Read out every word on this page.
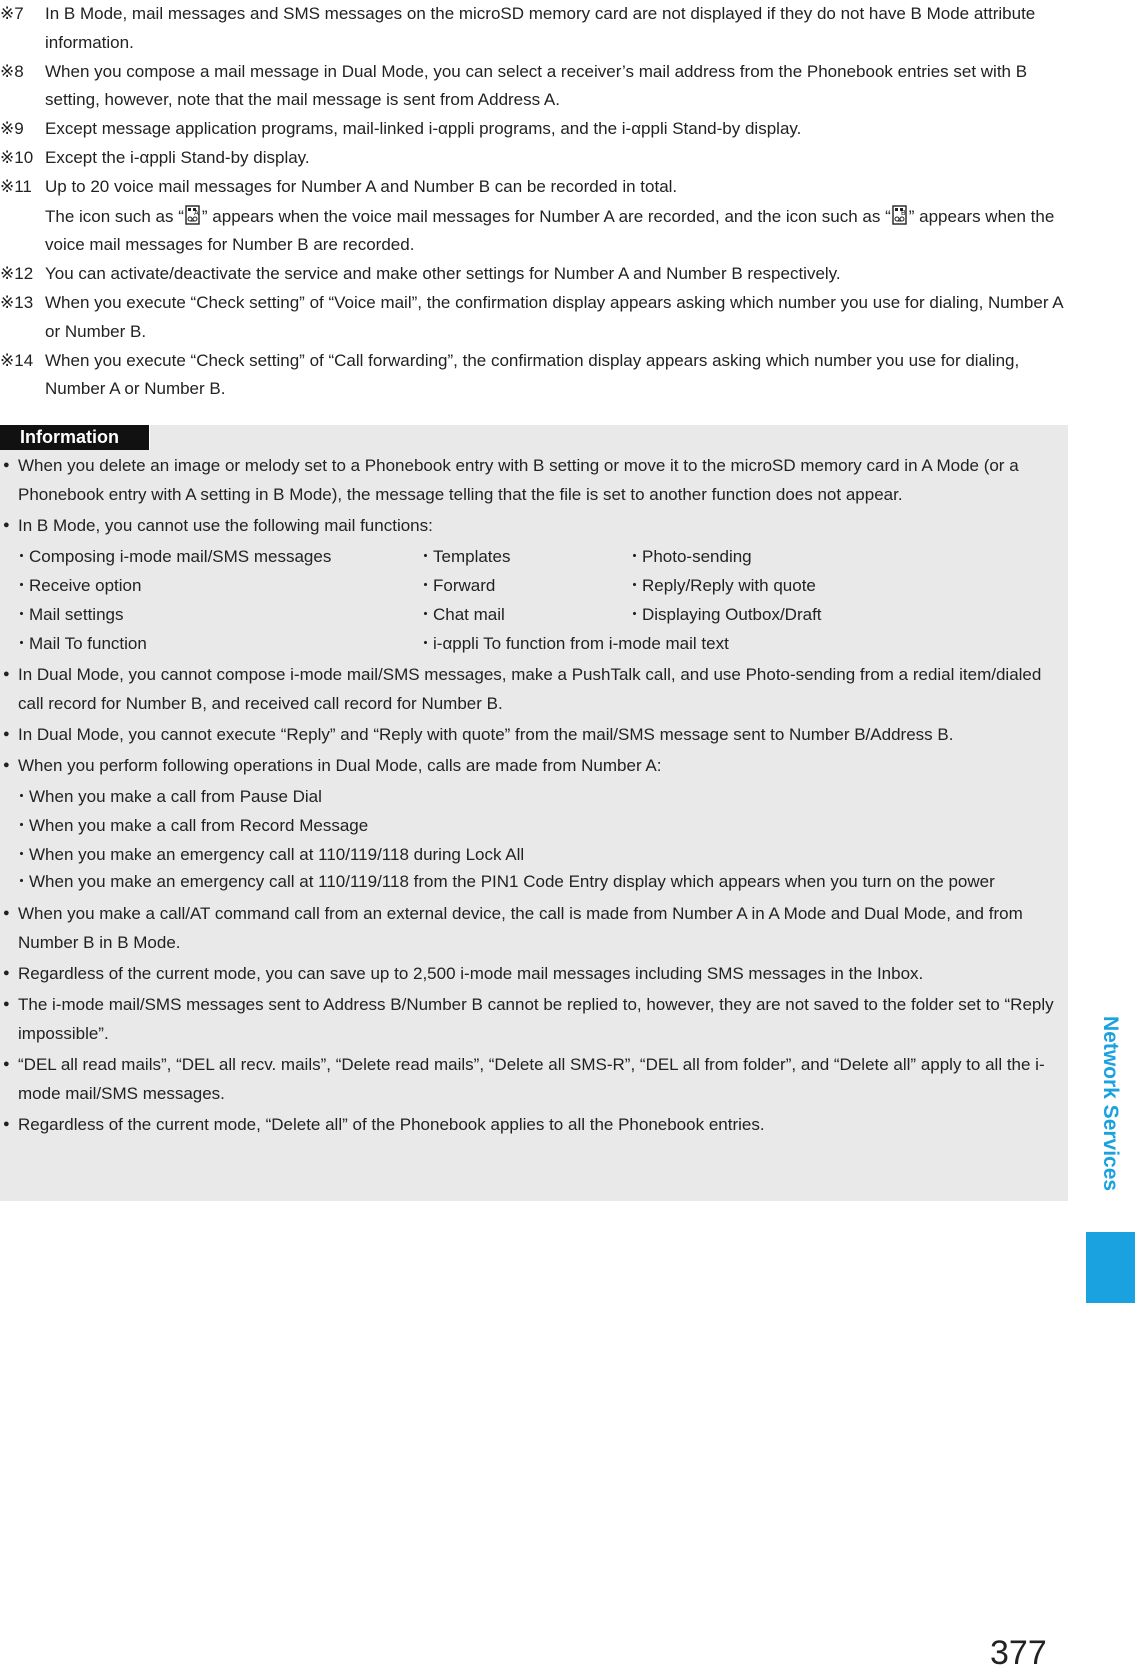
※7	In B Mode, mail messages and SMS messages on the microSD memory card are not displayed if they do not have B Mode attribute information.
※8	When you compose a mail message in Dual Mode, you can select a receiver’s mail address from the Phonebook entries set with B setting, however, note that the mail message is sent from Address A.
※9	Except message application programs, mail-linked i-αppli programs, and the i-αppli Stand-by display.
※10 Except the i-αppli Stand-by display.
※11 Up to 20 voice mail messages for Number A and Number B can be recorded in total.
The icon such as “ A ” appears when the voice mail messages for Number A are recorded, and the icon such as “ B ” appears when the voice mail messages for Number B are recorded.
※12 You can activate/deactivate the service and make other settings for Number A and Number B respectively.
※13 When you execute “Check setting” of “Voice mail”, the confirmation display appears asking which number you use for dialing, Number A or Number B.
※14 When you execute “Check setting” of “Call forwarding”, the confirmation display appears asking which number you use for dialing, Number A or Number B.
Information
● When you delete an image or melody set to a Phonebook entry with B setting or move it to the microSD memory card in A Mode (or a Phonebook entry with A setting in B Mode), the message telling that the file is set to another function does not appear.
● In B Mode, you cannot use the following mail functions:
・Composing i-mode mail/SMS messages	・Templates	・Photo-sending
・Receive option	・Forward	・Reply/Reply with quote
・Mail settings	・Chat mail	・Displaying Outbox/Draft
・Mail To function	・i-αppli To function from i-mode mail text
● In Dual Mode, you cannot compose i-mode mail/SMS messages, make a PushTalk call, and use Photo-sending from a redial item/dialed call record for Number B, and received call record for Number B.
● In Dual Mode, you cannot execute “Reply” and “Reply with quote” from the mail/SMS message sent to Number B/Address B.
● When you perform following operations in Dual Mode, calls are made from Number A:
・ When you make a call from Pause Dial
・ When you make a call from Record Message
・ When you make an emergency call at 110/119/118 during Lock All
・ When you make an emergency call at 110/119/118 from the PIN1 Code Entry display which appears when you turn on the power
● When you make a call/AT command call from an external device, the call is made from Number A in A Mode and Dual Mode, and from Number B in B Mode.
● Regardless of the current mode, you can save up to 2,500 i-mode mail messages including SMS messages in the Inbox.
● The i-mode mail/SMS messages sent to Address B/Number B cannot be replied to, however, they are not saved to the folder set to “Reply impossible”.
● “DEL all read mails”, “DEL all recv. mails”, “Delete read mails”, “Delete all SMS-R”, “DEL all from folder”, and “Delete all” apply to all the i-mode mail/SMS messages.
● Regardless of the current mode, “Delete all” of the Phonebook applies to all the Phonebook entries.	Network Services
377
